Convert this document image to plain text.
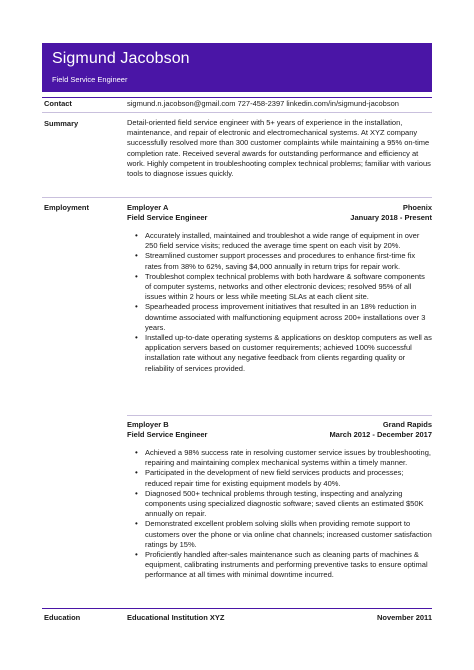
Sigmund Jacobson
Field Service Engineer
Contact	sigmund.n.jacobson@gmail.com 727-458-2397 linkedin.com/in/sigmund-jacobson
Summary	Detail-oriented field service engineer with 5+ years of experience in the installation, maintenance, and repair of electronic and electromechanical systems. At XYZ company successfully resolved more than 300 customer complaints while maintaining a 95% on-time completion rate. Received several awards for outstanding performance and efficiency at work. Highly competent in troubleshooting complex technical problems; familiar with various tools to diagnose issues quickly.
Employment	Employer A	Phoenix
Field Service Engineer	January 2018 - Present
• Accurately installed, maintained and troubleshot a wide range of equipment in over 250 field service visits; reduced the average time spent on each visit by 20%.
• Streamlined customer support processes and procedures to enhance first-time fix rates from 38% to 62%, saving $4,000 annually in return trips for repair work.
• Troubleshot complex technical problems with both hardware & software components of computer systems, networks and other electronic devices; resolved 95% of all issues within 2 hours or less while meeting SLAs at each client site.
• Spearheaded process improvement initiatives that resulted in an 18% reduction in downtime associated with malfunctioning equipment across 200+ installations over 3 years.
• Installed up-to-date operating systems & applications on desktop computers as well as application servers based on customer requirements; achieved 100% successful installation rate without any negative feedback from clients regarding quality or reliability of services provided.
Employer B	Grand Rapids
Field Service Engineer	March 2012 - December 2017
• Achieved a 98% success rate in resolving customer service issues by troubleshooting, repairing and maintaining complex mechanical systems within a timely manner.
• Participated in the development of new field services products and processes; reduced repair time for existing equipment models by 40%.
• Diagnosed 500+ technical problems through testing, inspecting and analyzing components using specialized diagnostic software; saved clients an estimated $50K annually on repair.
• Demonstrated excellent problem solving skills when providing remote support to customers over the phone or via online chat channels; increased customer satisfaction ratings by 15%.
• Proficiently handled after-sales maintenance such as cleaning parts of machines & equipment, calibrating instruments and performing preventive tasks to ensure optimal performance at all times with minimal downtime incurred.
Education	Educational Institution XYZ	November 2011
